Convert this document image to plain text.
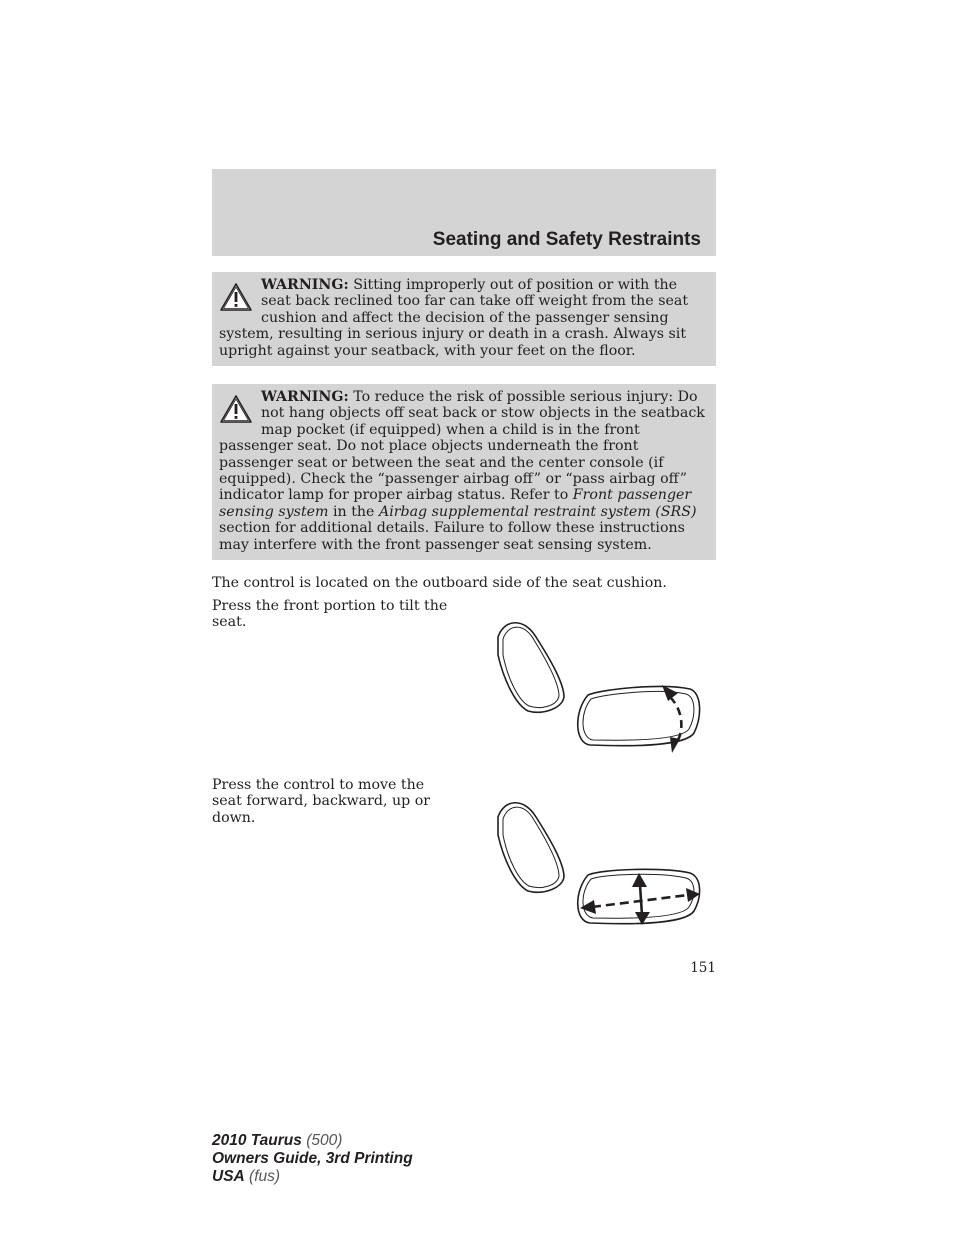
Seating and Safety Restraints
WARNING: Sitting improperly out of position or with the seat back reclined too far can take off weight from the seat cushion and affect the decision of the passenger sensing system, resulting in serious injury or death in a crash. Always sit upright against your seatback, with your feet on the floor.
WARNING: To reduce the risk of possible serious injury: Do not hang objects off seat back or stow objects in the seatback map pocket (if equipped) when a child is in the front passenger seat. Do not place objects underneath the front passenger seat or between the seat and the center console (if equipped). Check the “passenger airbag off” or “pass airbag off” indicator lamp for proper airbag status. Refer to Front passenger sensing system in the Airbag supplemental restraint system (SRS) section for additional details. Failure to follow these instructions may interfere with the front passenger seat sensing system.

The control is located on the outboard side of the seat cushion.

Press the front portion to tilt the seat.

Press the control to move the seat forward, backward, up or down.

151
2010 Taurus (500)
Owners Guide, 3rd Printing
USA (fus)
